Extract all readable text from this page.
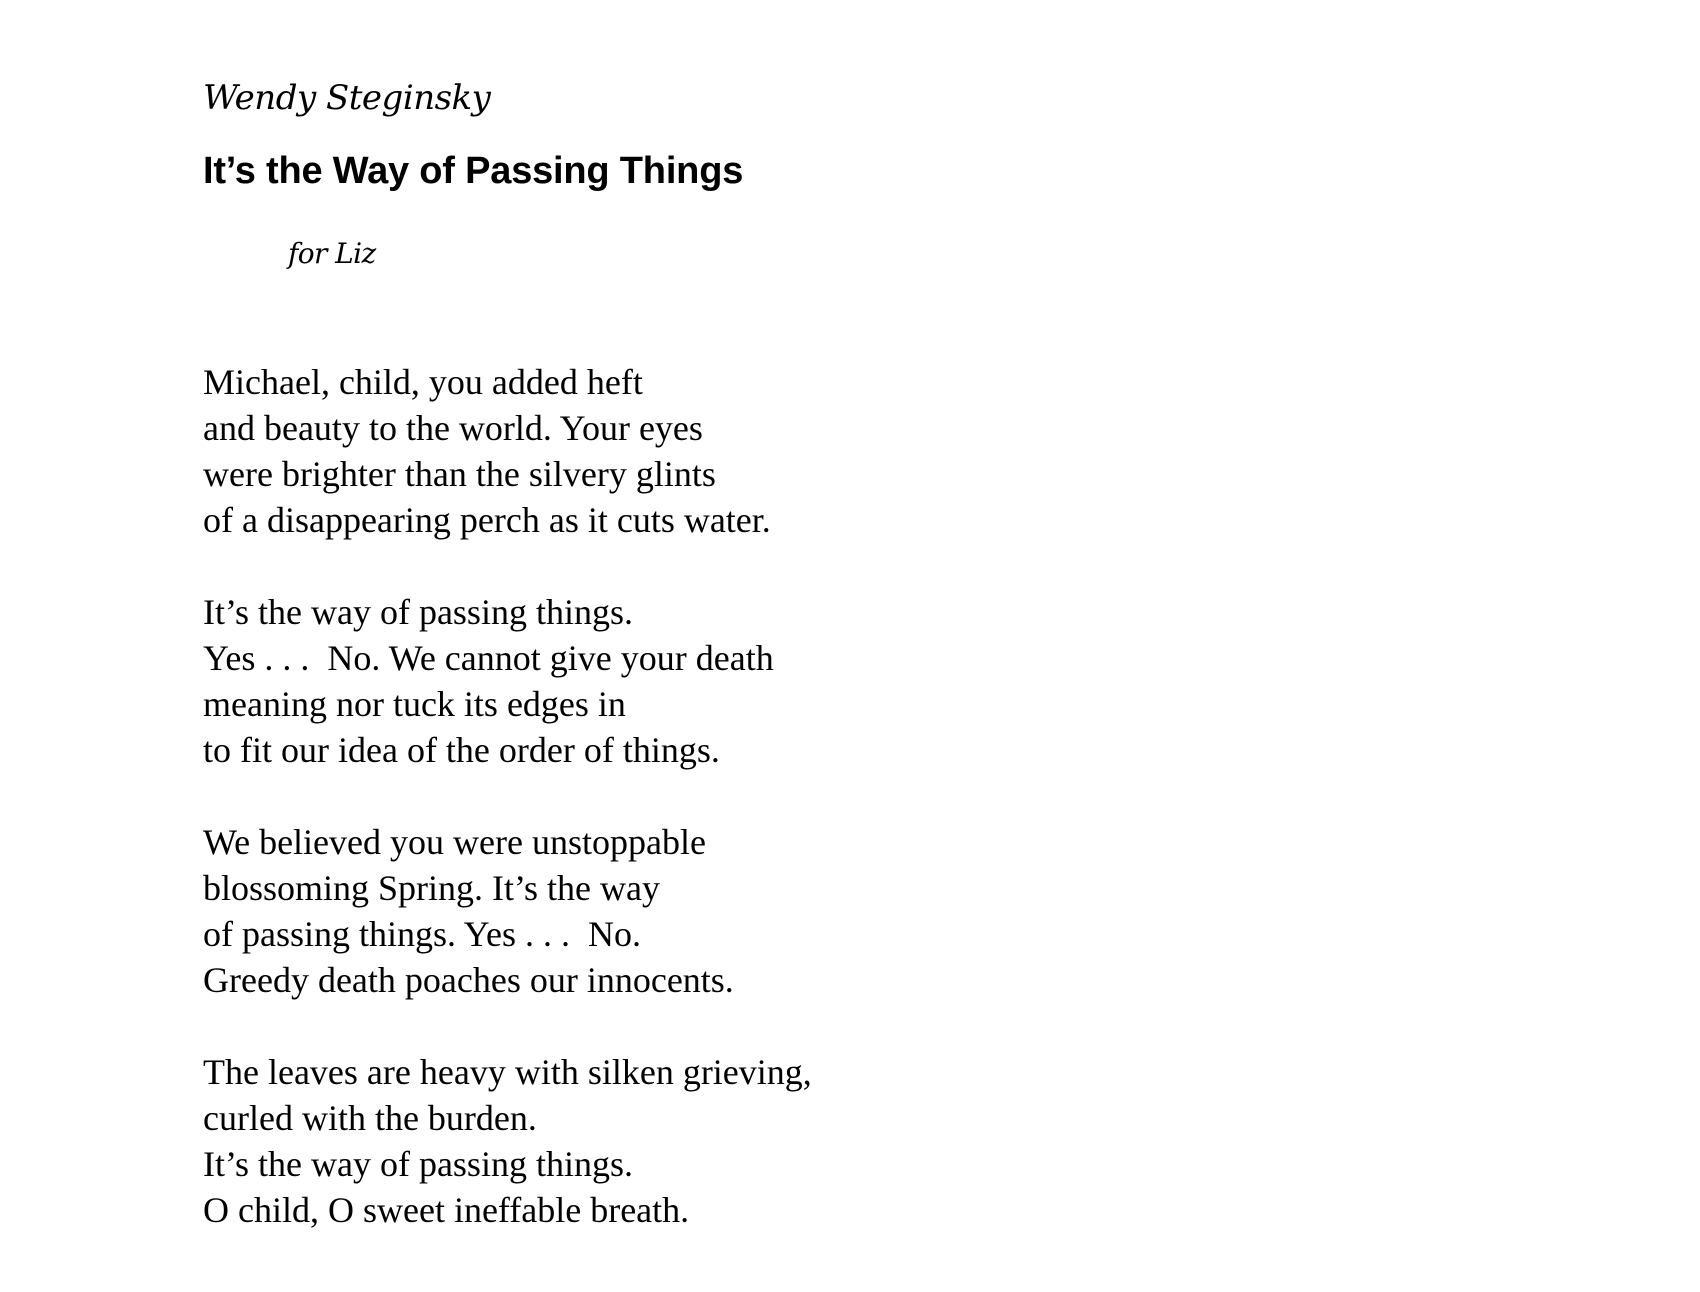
Wendy Steginsky
It’s the Way of Passing Things
for Liz
Michael, child, you added heft
and beauty to the world. Your eyes
were brighter than the silvery glints
of a disappearing perch as it cuts water.
It’s the way of passing things.
Yes . . .  No. We cannot give your death
meaning nor tuck its edges in
to fit our idea of the order of things.
We believed you were unstoppable
blossoming Spring. It’s the way
of passing things. Yes . . .  No.
Greedy death poaches our innocents.
The leaves are heavy with silken grieving,
curled with the burden.
It’s the way of passing things.
O child, O sweet ineffable breath.
